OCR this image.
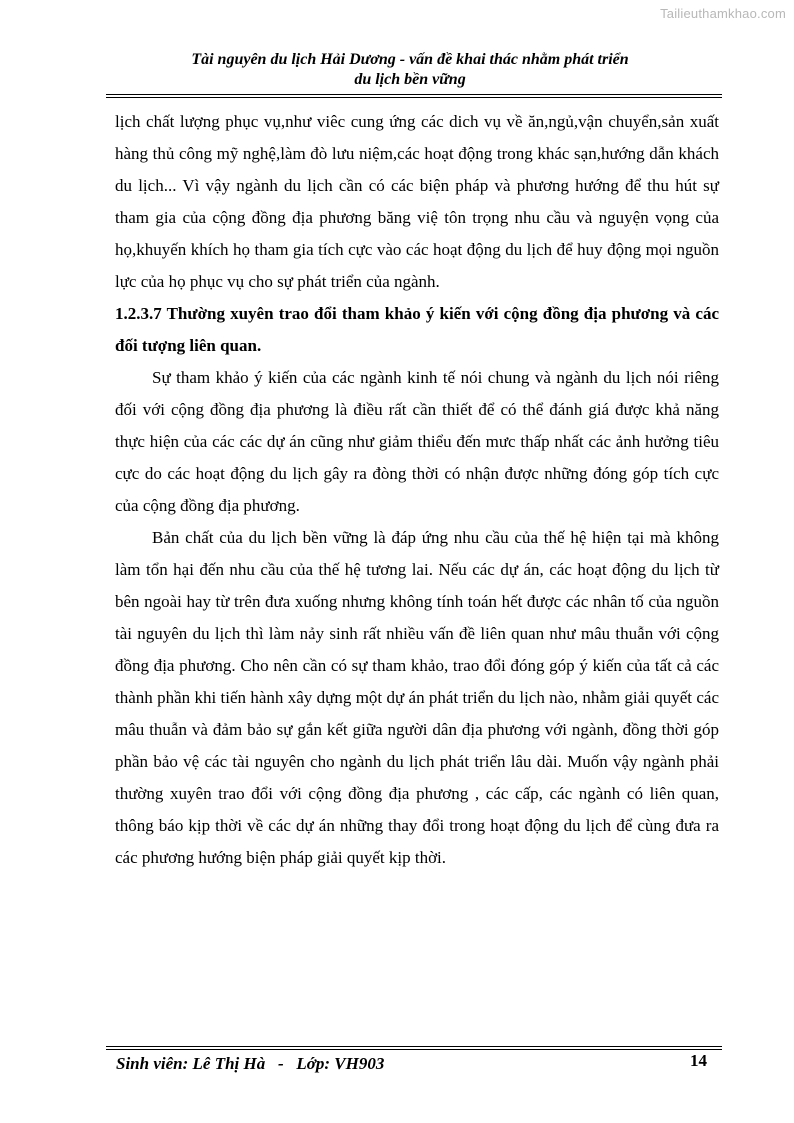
Tailieuthamkhao.com
Tài nguyên du lịch Hải Dương - vấn đề khai thác nhằm phát triển
du lịch bền vững

lịch chất lượng phục vụ,như viêc cung ứng các dich vụ về ăn,ngủ,vận chuyển,sản xuất hàng thủ công mỹ nghệ,làm đò lưu niệm,các hoạt động trong khác sạn,hướng dẫn khách du lịch... Vì vậy ngành du lịch cần có các biện pháp và phương hướng để thu hút sự tham gia của cộng đồng địa phương băng việ tôn trọng nhu cầu và nguyện vọng của họ,khuyến khích họ tham gia tích cực vào các hoạt động du lịch để huy động mọi nguồn lực của họ phục vụ cho sự phát triển của ngành.

1.2.3.7 Thường xuyên trao đổi tham khảo ý kiến với cộng đồng địa phương và các đối tượng liên quan.

Sự tham khảo ý kiến của các ngành kinh tế nói chung và ngành du lịch nói riêng đối với cộng đồng địa phương là điều rất cần thiết để có thể đánh giá được khả năng thực hiện của các các dự án cũng như giảm thiểu đến mưc thấp nhất các ảnh hưởng tiêu cực do các hoạt động du lịch gây ra đòng thời có nhận được những đóng góp tích cực của cộng đồng địa phương.

Bản chất của du lịch bền vững là đáp ứng nhu cầu của thế hệ hiện tại mà không làm tổn hại đến nhu cầu của thế hệ tương lai. Nếu các dự án, các hoạt động du lịch từ bên ngoài hay từ trên đưa xuống nhưng không tính toán hết được các nhân tố của nguồn tài nguyên du lịch thì làm nảy sinh rất nhiều vấn đề liên quan như mâu thuẫn với cộng đồng địa phương. Cho nên cần có sự tham khảo, trao đổi đóng góp ý kiến của tất cả các thành phần khi tiến hành xây dựng một dự án phát triển du lịch nào, nhằm giải quyết các mâu thuẫn và đảm bảo sự gắn kết giữa người dân địa phương với ngành, đồng thời góp phần bảo vệ các tài nguyên cho ngành du lịch phát triển lâu dài. Muốn vậy ngành phải thường xuyên trao đổi với cộng đồng địa phương , các cấp, các ngành có liên quan, thông báo kịp thời về các dự án những thay đổi trong hoạt động du lịch để cùng đưa ra các phương hướng biện pháp giải quyết kịp thời.

Sinh viên: Lê Thị Hà   -   Lớp: VH903	14
